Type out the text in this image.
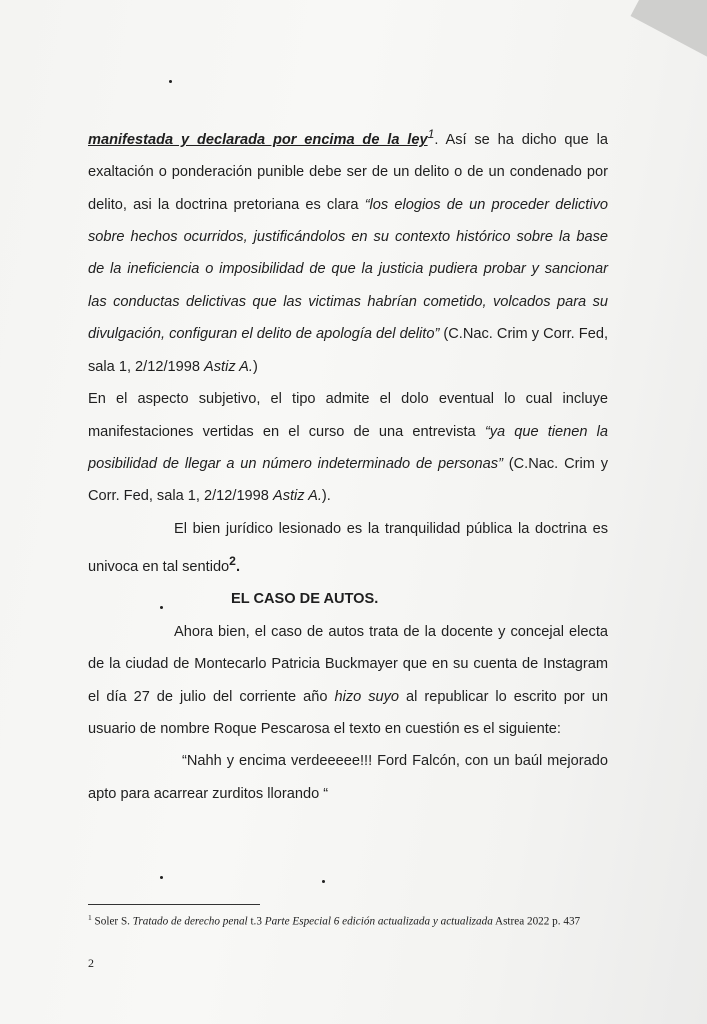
manifestada y declarada por encima de la ley$^1$. Así se ha dicho que la exaltación o ponderación punible debe ser de un delito o de un condenado por delito, asi la doctrina pretoriana es clara “los elogios de un proceder delictivo sobre hechos ocurridos, justificándolos en su contexto histórico sobre la base de la ineficiencia o imposibilidad de que la justicia pudiera probar y sancionar las conductas delictivas que las victimas habrían cometido, volcados para su divulgación, configuran el delito de apología del delito” (C.Nac. Crim y Corr. Fed, sala 1, 2/12/1998 Astiz A.)

En el aspecto subjetivo, el tipo admite el dolo eventual lo cual incluye manifestaciones vertidas en el curso de una entrevista “ya que tienen la posibilidad de llegar a un número indeterminado de personas” (C.Nac. Crim y Corr. Fed, sala 1, 2/12/1998 Astiz A.).

El bien jurídico lesionado es la tranquilidad pública la doctrina es univoca en tal sentido$^2$.

EL CASO DE AUTOS.

Ahora bien, el caso de autos trata de la docente y concejal electa de la ciudad de Montecarlo Patricia Buckmayer que en su cuenta de Instagram el día 27 de julio del corriente año hizo suyo al republicar lo escrito por un usuario de nombre Roque Pescarosa el texto en cuestión es el siguiente:

“Nahh y encima verdeeeee!!! Ford Falcón, con un baúl mejorado apto para acarrear zurditos llorando “

$^1$ Soler S. Tratado de derecho penal t.3 Parte Especial 6 edición actualizada y actualizada Astrea 2022 p. 437
2
